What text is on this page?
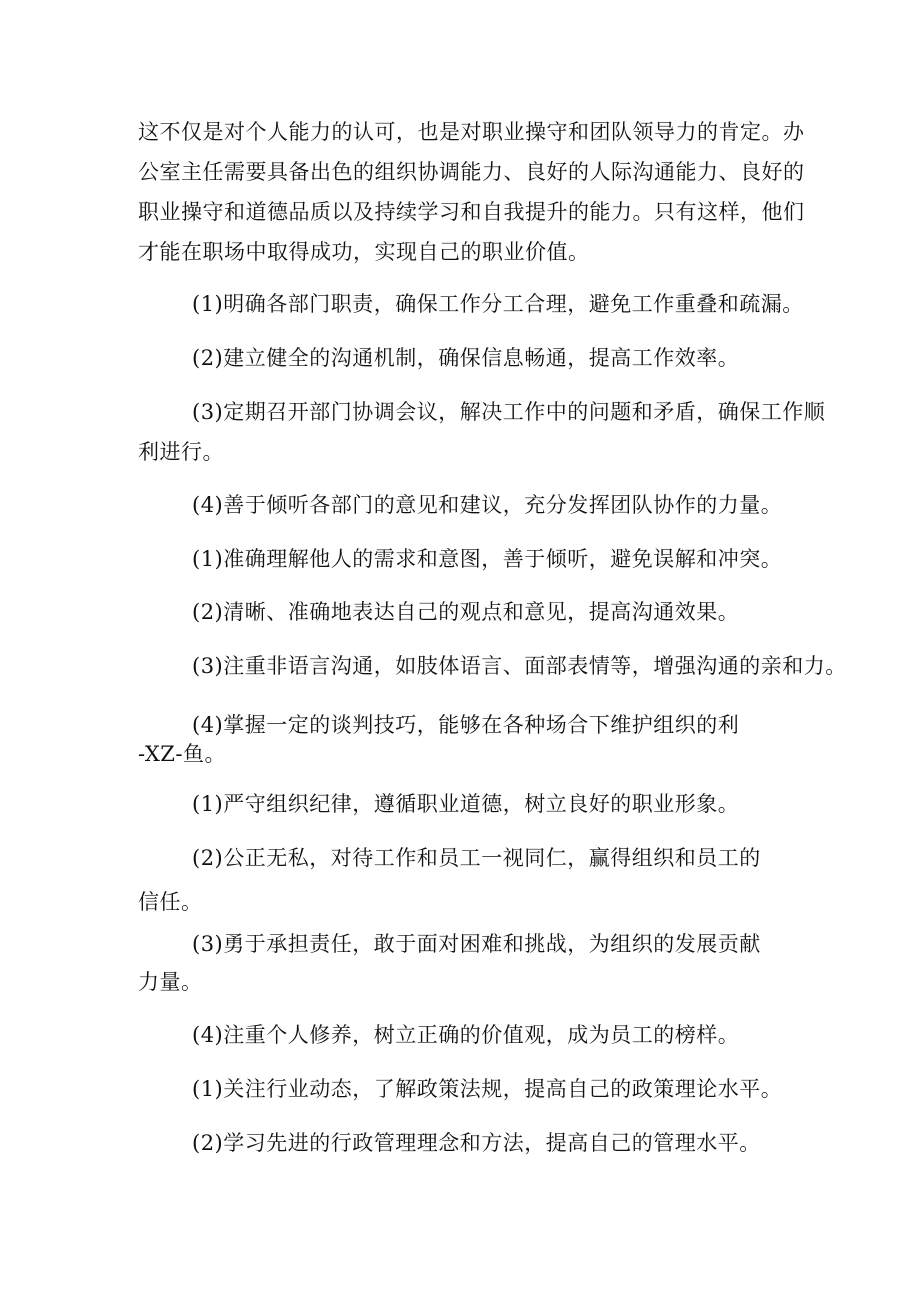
这不仅是对个人能力的认可，也是对职业操守和团队领导力的肯定。办
公室主任需要具备出色的组织协调能力、良好的人际沟通能力、良好的
职业操守和道德品质以及持续学习和自我提升的能力。只有这样，他们
才能在职场中取得成功，实现自己的职业价值。
(1)明确各部门职责，确保工作分工合理，避免工作重叠和疏漏。
(2)建立健全的沟通机制，确保信息畅通，提高工作效率。
(3)定期召开部门协调会议，解决工作中的问题和矛盾，确保工作顺
利进行。
(4)善于倾听各部门的意见和建议，充分发挥团队协作的力量。
(1)准确理解他人的需求和意图，善于倾听，避免误解和冲突。
(2)清晰、准确地表达自己的观点和意见，提高沟通效果。
(3)注重非语言沟通，如肢体语言、面部表情等，增强沟通的亲和力。
(4)掌握一定的谈判技巧，能够在各种场合下维护组织的利
-XZ-鱼。
(1)严守组织纪律，遵循职业道德，树立良好的职业形象。
(2)公正无私，对待工作和员工一视同仁，赢得组织和员工的
信任。
(3)勇于承担责任，敢于面对困难和挑战，为组织的发展贡献
力量。
(4)注重个人修养，树立正确的价值观，成为员工的榜样。
(1)关注行业动态，了解政策法规，提高自己的政策理论水平。
(2)学习先进的行政管理理念和方法，提高自己的管理水平。
